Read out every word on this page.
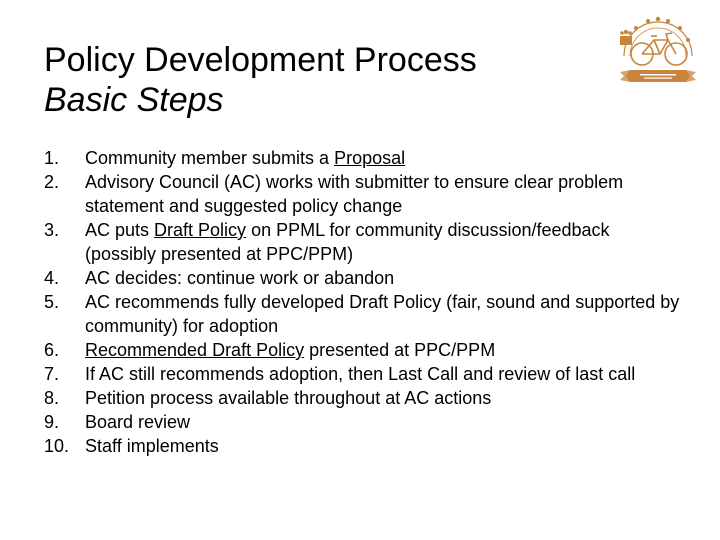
Policy Development Process
Basic Steps
1. Community member submits a Proposal
2. Advisory Council (AC) works with submitter to ensure clear problem statement and suggested policy change
3. AC puts Draft Policy on PPML for community discussion/feedback (possibly presented at PPC/PPM)
4. AC decides: continue work or abandon
5. AC recommends fully developed Draft Policy (fair, sound and supported by community) for adoption
6. Recommended Draft Policy presented at PPC/PPM
7. If AC still recommends adoption, then Last Call and review of last call
8. Petition process available throughout at AC actions
9. Board review
10. Staff implements
